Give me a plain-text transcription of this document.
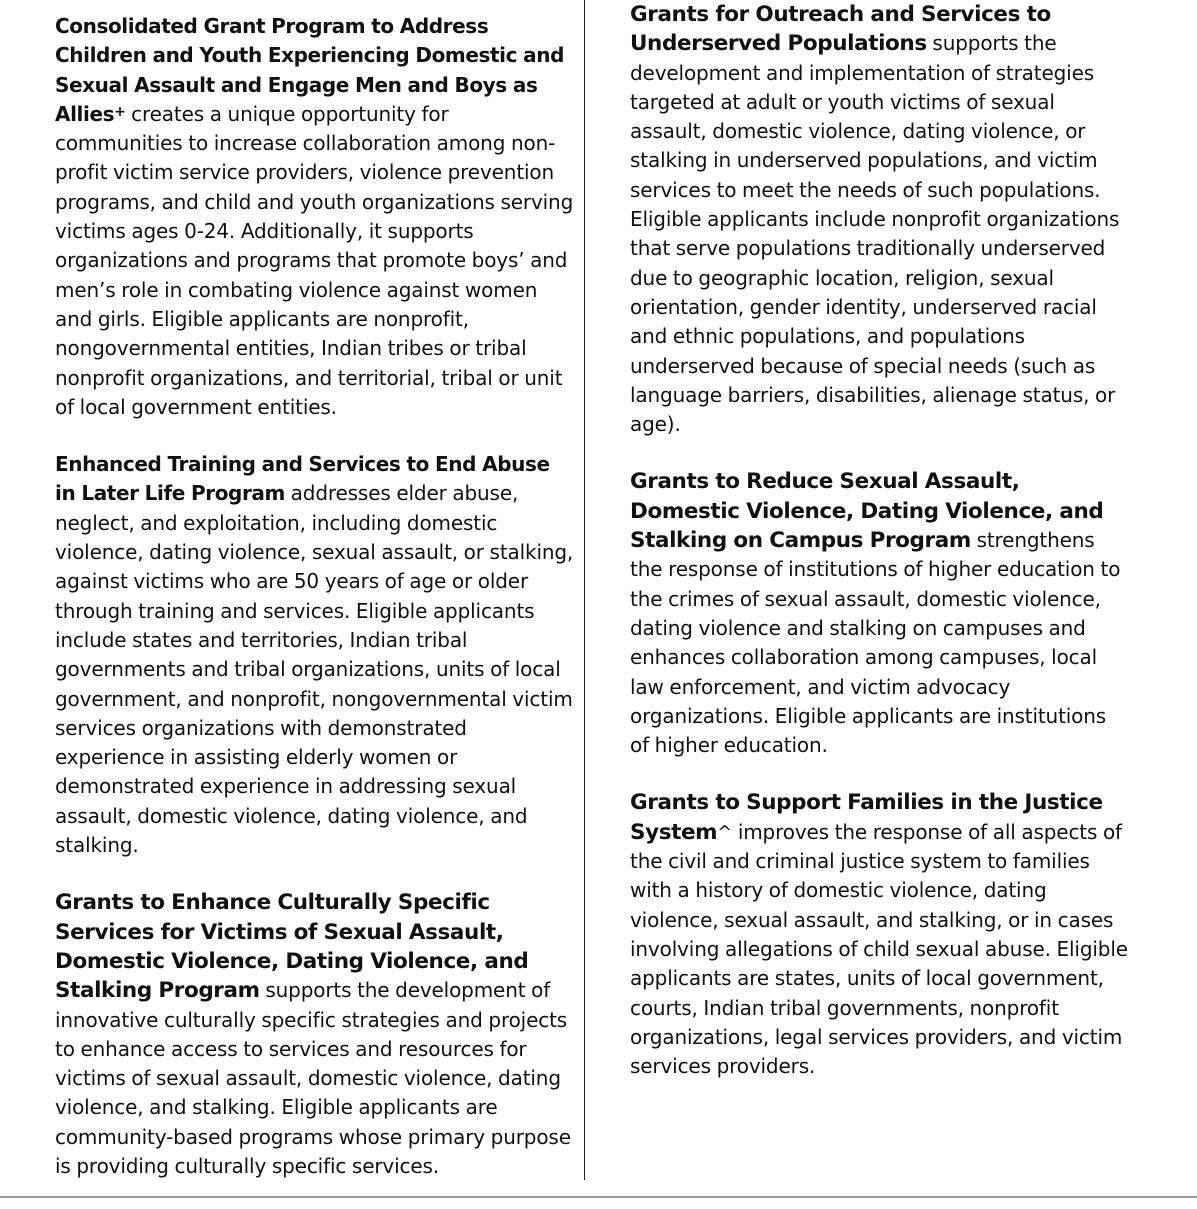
Consolidated Grant Program to Address Children and Youth Experiencing Domestic and Sexual Assault and Engage Men and Boys as Allies+ creates a unique opportunity for communities to increase collaboration among non-profit victim service providers, violence prevention programs, and child and youth organizations serving victims ages 0-24. Additionally, it supports organizations and programs that promote boys’ and men’s role in combating violence against women and girls. Eligible applicants are nonprofit, nongovernmental entities, Indian tribes or tribal nonprofit organizations, and territorial, tribal or unit of local government entities.

Enhanced Training and Services to End Abuse in Later Life Program addresses elder abuse, neglect, and exploitation, including domestic violence, dating violence, sexual assault, or stalking, against victims who are 50 years of age or older through training and services. Eligible applicants include states and territories, Indian tribal governments and tribal organizations, units of local government, and nonprofit, nongovernmental victim services organizations with demonstrated experience in assisting elderly women or demonstrated experience in addressing sexual assault, domestic violence, dating violence, and stalking.

Grants to Enhance Culturally Specific Services for Victims of Sexual Assault, Domestic Violence, Dating Violence, and Stalking Program supports the development of innovative culturally specific strategies and projects to enhance access to services and resources for victims of sexual assault, domestic violence, dating violence, and stalking. Eligible applicants are community-based programs whose primary purpose is providing culturally specific services.

Grants for Outreach and Services to Underserved Populations supports the development and implementation of strategies targeted at adult or youth victims of sexual assault, domestic violence, dating violence, or stalking in underserved populations, and victim services to meet the needs of such populations. Eligible applicants include nonprofit organizations that serve populations traditionally underserved due to geographic location, religion, sexual orientation, gender identity, underserved racial and ethnic populations, and populations underserved because of special needs (such as language barriers, disabilities, alienage status, or age).

Grants to Reduce Sexual Assault, Domestic Violence, Dating Violence, and Stalking on Campus Program strengthens the response of institutions of higher education to the crimes of sexual assault, domestic violence, dating violence and stalking on campuses and enhances collaboration among campuses, local law enforcement, and victim advocacy organizations. Eligible applicants are institutions of higher education.

Grants to Support Families in the Justice System^ improves the response of all aspects of the civil and criminal justice system to families with a history of domestic violence, dating violence, sexual assault, and stalking, or in cases involving allegations of child sexual abuse. Eligible applicants are states, units of local government, courts, Indian tribal governments, nonprofit organizations, legal services providers, and victim services providers.
